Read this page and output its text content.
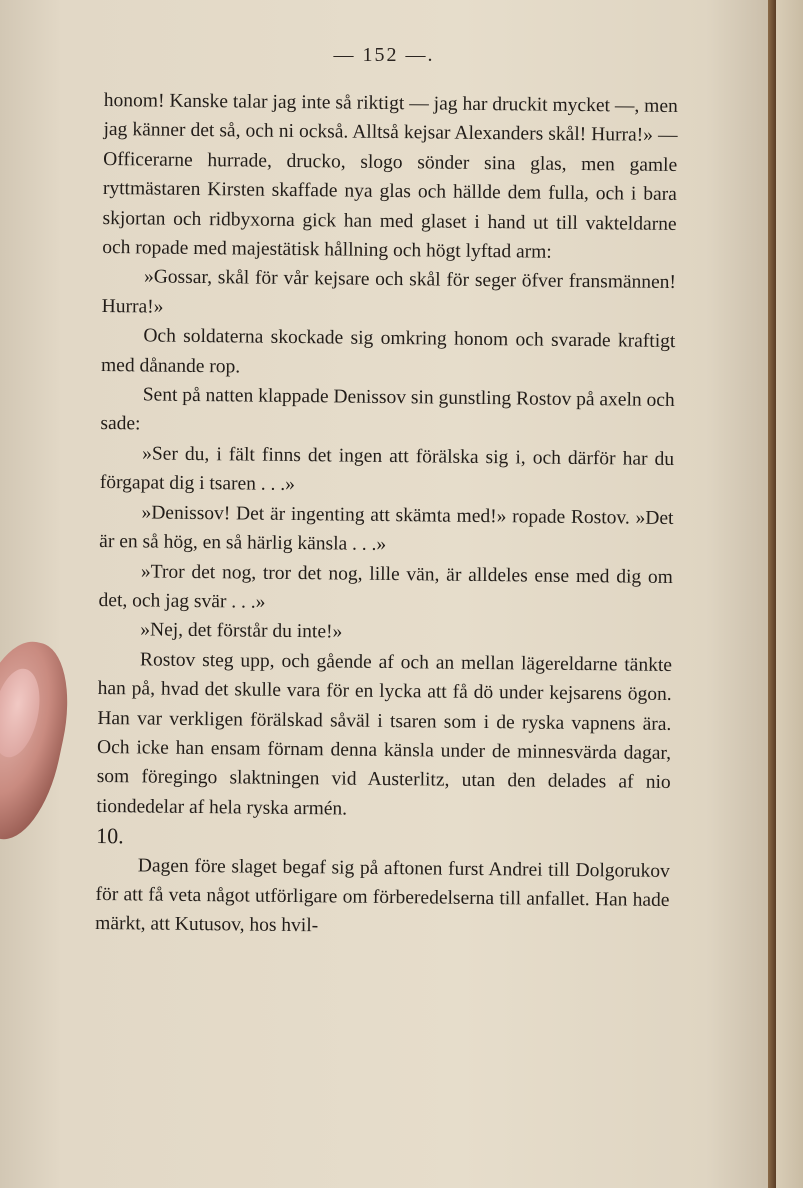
— 152 —.

honom! Kanske talar jag inte så riktigt — jag har druckit mycket —, men jag känner det så, och ni också. Alltså kejsar Alexanders skål! Hurra!» — Officerarne hurrade, drucko, slogo sönder sina glas, men gamle ryttmästaren Kirsten skaffade nya glas och hällde dem fulla, och i bara skjortan och ridbyxorna gick han med glaset i hand ut till vakteldarne och ropade med majestätisk hållning och högt lyftad arm:

»Gossar, skål för vår kejsare och skål för seger öfver fransmännen! Hurra!»

Och soldaterna skockade sig omkring honom och svarade kraftigt med dånande rop.

Sent på natten klappade Denissov sin gunstling Rostov på axeln och sade:

»Ser du, i fält finns det ingen att förälska sig i, och därför har du förgapat dig i tsaren . . .»

»Denissov! Det är ingenting att skämta med!» ropade Rostov. »Det är en så hög, en så härlig känsla . . .»

»Tror det nog, tror det nog, lille vän, är alldeles ense med dig om det, och jag svär . . .»

»Nej, det förstår du inte!»

Rostov steg upp, och gående af och an mellan lägereldarne tänkte han på, hvad det skulle vara för en lycka att få dö under kejsarens ögon. Han var verkligen förälskad såväl i tsaren som i de ryska vapnens ära. Och icke han ensam förnam denna känsla under de minnesvärda dagar, som föregingo slaktningen vid Austerlitz, utan den delades af nio tiondedelar af hela ryska armén.

10.

Dagen före slaget begaf sig på aftonen furst Andrei till Dolgorukov för att få veta något utförligare om förberedelserna till anfallet. Han hade märkt, att Kutusov, hos hvil-
